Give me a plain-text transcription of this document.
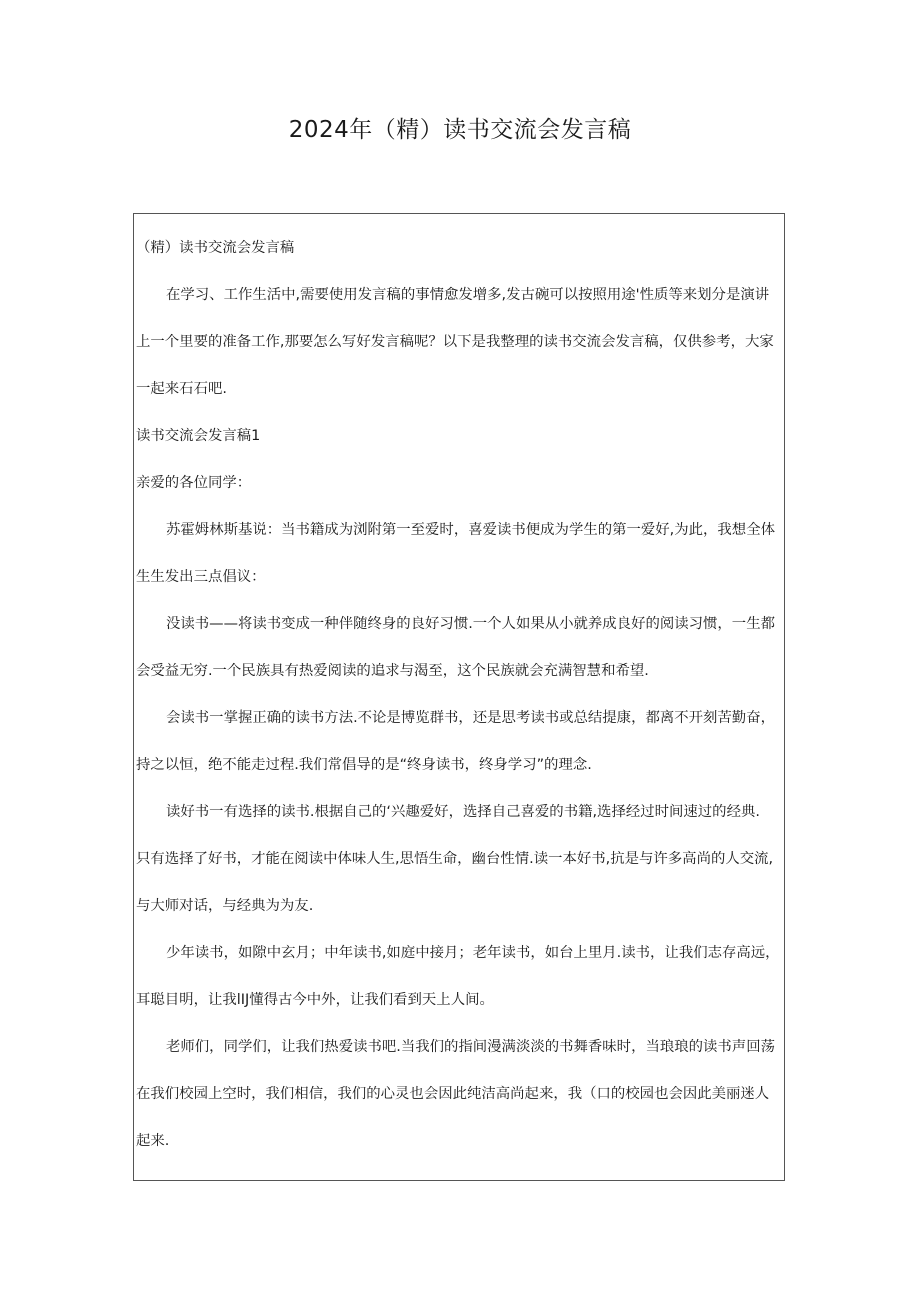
2024年（精）读书交流会发言稿
（精）读书交流会发言稿
在学习、工作生活中,需要使用发言稿的事情愈发增多,发古碗可以按照用途'性质等来划分是演讲
上一个里要的准备工作,那要怎么写好发言稿呢？以下是我整理的读书交流会发言稿，仅供参考，大家
一起来石石吧.
读书交流会发言稿1
亲爱的各位同学：
苏霍姆林斯基说：当书籍成为浏附第一至爱时，喜爱读书便成为学生的第一爱好,为此，我想全体
生生发出三点倡议：
没读书——将读书变成一种伴随终身的良好习惯.一个人如果从小就养成良好的阅读习惯，一生都
会受益无穷.一个民族具有热爱阅读的追求与渴至，这个民族就会充满智慧和希望.
会读书一掌握正确的读书方法.不论是博览群书，还是思考读书或总结提康，都离不开刻苦勤奋，
持之以恒，绝不能走过程.我们常倡导的是“终身读书，终身学习”的理念.
读好书一有选择的读书.根据自己的‘兴趣爱好，选择自己喜爱的书籍,选择经过时间速过的经典.
只有选择了好书，才能在阅读中体味人生,思悟生命，幽台性情.读一本好书,抗是与许多高尚的人交流,
与大师对话，与经典为为友.
少年读书，如隙中玄月；中年读书,如庭中接月；老年读书，如台上里月.读书，让我们志存高远，
耳聪目明，让我lIJ懂得古今中外，让我们看到天上人间。
老师们，同学们，让我们热爱读书吧.当我们的指间漫满淡淡的书舞香味时，当琅琅的读书声回荡
在我们校园上空时，我们相信，我们的心灵也会因此纯洁高尚起来，我（口的校园也会因此美丽迷人
起来.
